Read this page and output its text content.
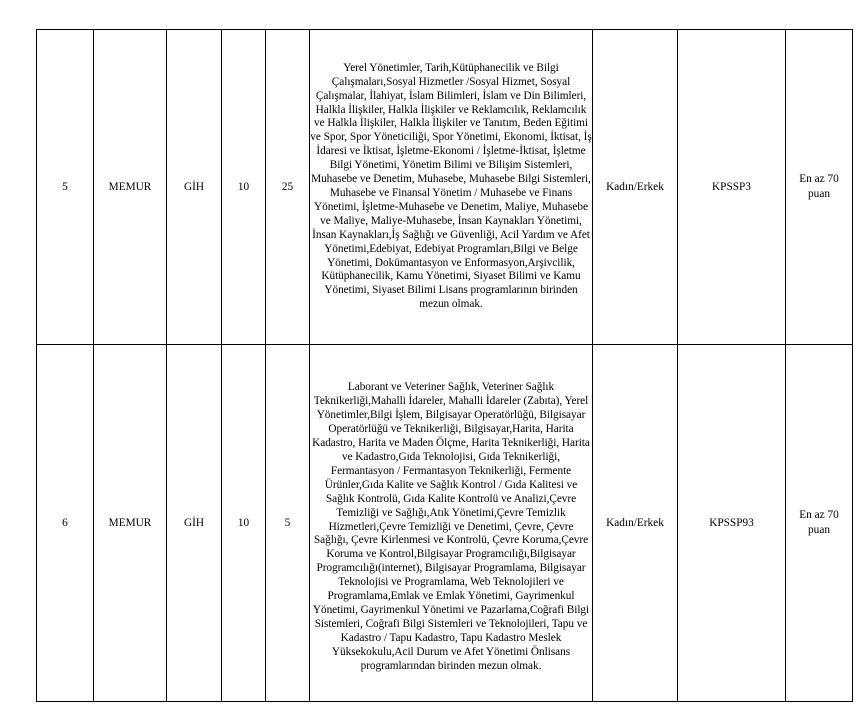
5	MEMUR	GİH	10	25	Yerel Yönetimler, Tarih,Kütüphanecilik ve Bilgi Çalışmaları,Sosyal Hizmetler /Sosyal Hizmet, Sosyal Çalışmalar, İlahiyat, İslam Bilimleri, İslam ve Din Bilimleri, Halkla İlişkiler, Halkla İlişkiler ve Reklamcılık, Reklamcılık ve Halkla İlişkiler, Halkla İlişkiler ve Tanıtım, Beden Eğitimi ve Spor, Spor Yöneticiliği, Spor Yönetimi, Ekonomi, İktisat, İş İdaresi ve İktisat, İşletme-Ekonomi / İşletme-İktisat, İşletme Bilgi Yönetimi, Yönetim Bilimi ve Bilişim Sistemleri, Muhasebe ve Denetim, Muhasebe, Muhasebe Bilgi Sistemleri, Muhasebe ve Finansal Yönetim / Muhasebe ve Finans Yönetimi, İşletme-Muhasebe ve Denetim, Maliye, Muhasebe ve Maliye, Maliye-Muhasebe, İnsan Kaynakları Yönetimi, İnsan Kaynakları,İş Sağlığı ve Güvenliği, Acil Yardım ve Afet Yönetimi,Edebiyat, Edebiyat Programları,Bilgi ve Belge Yönetimi, Dokümantasyon ve Enformasyon,Arşivcilik, Kütüphanecilik, Kamu Yönetimi, Siyaset Bilimi ve Kamu Yönetimi, Siyaset Bilimi Lisans programlarının birinden mezun olmak.	Kadın/Erkek	KPSSP3	En az 70
puan

6	MEMUR	GİH	10	5	Laborant ve Veteriner Sağlık, Veteriner Sağlık Teknikerliği,Mahalli İdareler, Mahalli İdareler (Zabıta), Yerel Yönetimler,Bilgi İşlem, Bilgisayar Operatörlüğü, Bilgisayar Operatörlüğü ve Teknikerliği, Bilgisayar,Harita, Harita Kadastro, Harita ve Maden Ölçme, Harita Teknikerliği, Harita ve Kadastro,Gıda Teknolojisi, Gıda Teknikerliği, Fermantasyon / Fermantasyon Teknikerliği, Fermente Ürünler,Gıda Kalite ve Sağlık Kontrol / Gıda Kalitesi ve Sağlık Kontrolü, Gıda Kalite Kontrolü ve Analizi,Çevre Temizliği ve Sağlığı,Atık Yönetimi,Çevre Temizlik Hizmetleri,Çevre Temizliği ve Denetimi, Çevre, Çevre Sağlığı, Çevre Kirlenmesi ve Kontrolü, Çevre Koruma,Çevre Koruma ve Kontrol,Bilgisayar Programcılığı,Bilgisayar Programcılığı(internet), Bilgisayar Programlama, Bilgisayar Teknolojisi ve Programlama, Web Teknolojileri ve Programlama,Emlak ve Emlak Yönetimi, Gayrimenkul Yönetimi, Gayrimenkul Yönetimi ve Pazarlama,Coğrafi Bilgi Sistemleri, Coğrafi Bilgi Sistemleri ve Teknolojileri, Tapu ve Kadastro / Tapu Kadastro, Tapu Kadastro Meslek Yüksekokulu,Acil Durum ve Afet Yönetimi Önlisans programlarından birinden mezun olmak.	Kadın/Erkek	KPSSP93	En az 70
puan
